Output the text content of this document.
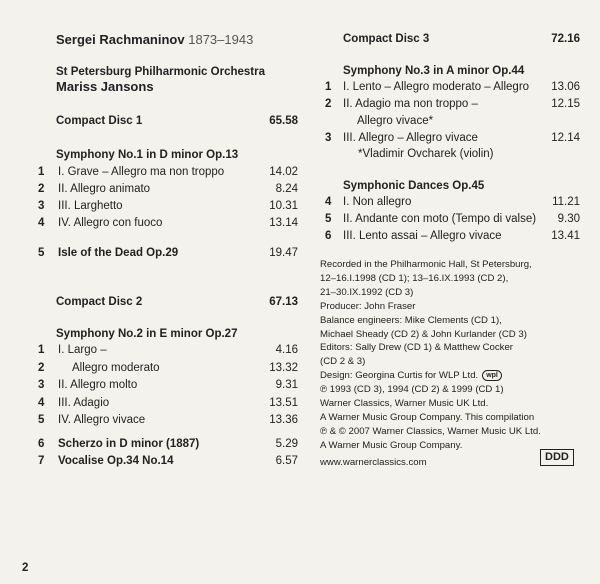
Sergei Rachmaninov 1873–1943
St Petersburg Philharmonic Orchestra
Mariss Jansons
Compact Disc 1	65.58
Symphony No.1 in D minor Op.13
1	I. Grave – Allegro ma non troppo	14.02
2	II. Allegro animato	8.24
3	III. Larghetto	10.31
4	IV. Allegro con fuoco	13.14
5	Isle of the Dead Op.29	19.47
Compact Disc 2	67.13
Symphony No.2 in E minor Op.27
1	I. Largo –	4.16
2	Allegro moderato	13.32
3	II. Allegro molto	9.31
4	III. Adagio	13.51
5	IV. Allegro vivace	13.36
6	Scherzo in D minor (1887)	5.29
7	Vocalise Op.34 No.14	6.57
Compact Disc 3	72.16
Symphony No.3 in A minor Op.44
1	I. Lento – Allegro moderato – Allegro	13.06
2	II. Adagio ma non troppo –	12.15
Allegro vivace*
3	III. Allegro – Allegro vivace	12.14
*Vladimir Ovcharek (violin)
Symphonic Dances Op.45
4	I. Non allegro	11.21
5	II. Andante con moto (Tempo di valse)	9.30
6	III. Lento assai – Allegro vivace	13.41
Recorded in the Philharmonic Hall, St Petersburg,
12–16.I.1998 (CD 1); 13–16.IX.1993 (CD 2),
21–30.IX.1992 (CD 3)
Producer: John Fraser
Balance engineers: Mike Clements (CD 1),
Michael Sheady (CD 2) & John Kurlander (CD 3)
Editors: Sally Drew (CD 1) & Matthew Cocker
(CD 2 & 3)
Design: Georgina Curtis for WLP Ltd. wpl
℗ 1993 (CD 3), 1994 (CD 2) & 1999 (CD 1)
Warner Classics, Warner Music UK Ltd.
A Warner Music Group Company. This compilation
℗ & © 2007 Warner Classics, Warner Music UK Ltd.
A Warner Music Group Company.
www.warnerclassics.com	DDD
2
